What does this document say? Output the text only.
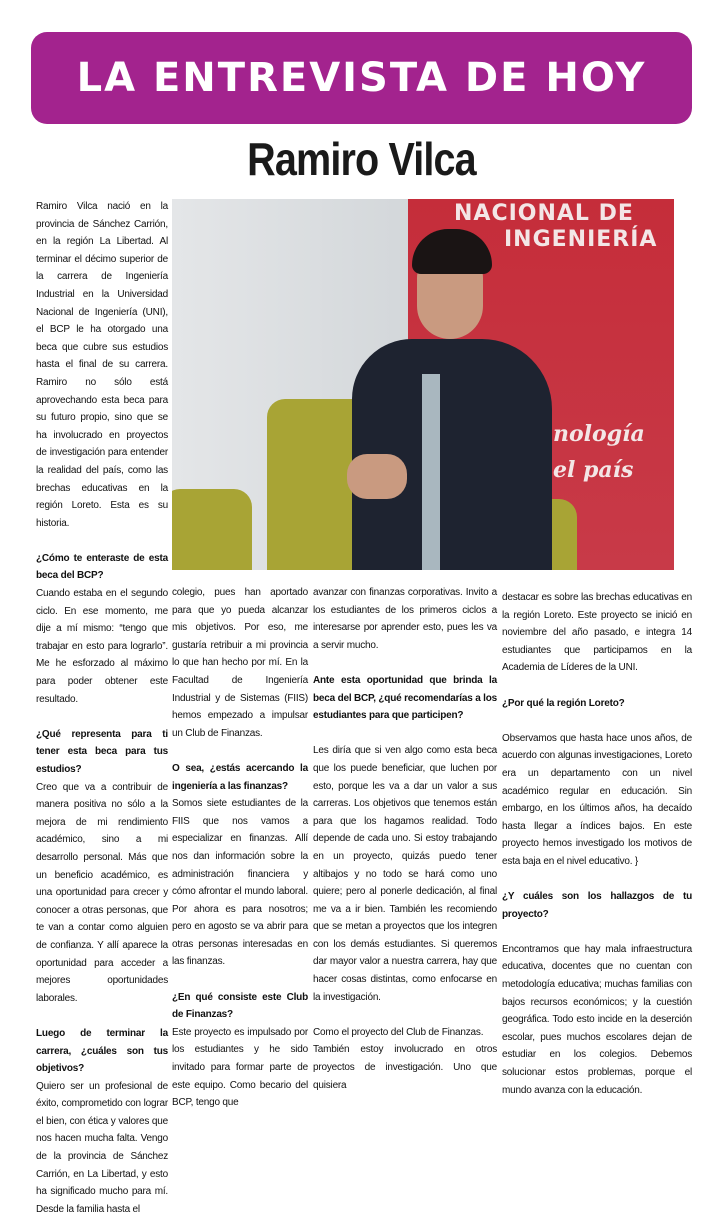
LA ENTREVISTA DE HOY
Ramiro Vilca
NACIONAL DE
INGENIERÍA
nología
el país

Ramiro Vilca nació en la provincia de Sánchez Carrión, en la región La Libertad. Al terminar el décimo superior de la carrera de Ingeniería Industrial en la Universidad Nacional de Ingeniería (UNI), el BCP le ha otorgado una beca que cubre sus estudios hasta el final de su carrera. Ramiro no sólo está aprovechando esta beca para su futuro propio, sino que se ha involucrado en proyectos de investigación para entender la realidad del país, como las brechas educativas en la región Loreto. Esta es su historia.

¿Cómo te enteraste de esta beca del BCP?

Cuando estaba en el segundo ciclo. En ese momento, me dije a mí mismo: “tengo que trabajar en esto para lograrlo”. Me he esforzado al máximo para poder obtener este resultado.

¿Qué representa para ti tener esta beca para tus estudios?

Creo que va a contribuir de manera positiva no sólo a la mejora de mi rendimiento académico, sino a mi desarrollo personal. Más que un beneficio académico, es una oportunidad para crecer y conocer a otras personas, que te van a contar como alguien de confianza. Y allí aparece la oportunidad para acceder a mejores oportunidades laborales.

Luego de terminar la carrera, ¿cuáles son tus objetivos?

Quiero ser un profesional de éxito, comprometido con lograr el bien, con ética y valores que nos hacen mucha falta. Vengo de la provincia de Sánchez Carrión, en La Libertad, y esto ha significado mucho para mí. Desde la familia hasta el

colegio, pues han aportado para que yo pueda alcanzar mis objetivos. Por eso, me gustaría retribuir a mi provincia lo que han hecho por mí. En la Facultad de Ingeniería Industrial y de Sistemas (FIIS) hemos empezado a impulsar un Club de Finanzas.

O sea, ¿estás acercando la ingeniería a las finanzas?

Somos siete estudiantes de la FIIS que nos vamos a especializar en finanzas. Allí nos dan información sobre la administración financiera y cómo afrontar el mundo laboral. Por ahora es para nosotros; pero en agosto se va abrir para otras personas interesadas en las finanzas.

¿En qué consiste este Club de Finanzas?

Este proyecto es impulsado por los estudiantes y he sido invitado para formar parte de este equipo. Como becario del BCP, tengo que

avanzar con finanzas corporativas. Invito a los estudiantes de los primeros ciclos a interesarse por aprender esto, pues les va a servir mucho.

Ante esta oportunidad que brinda la beca del BCP, ¿qué recomendarías a los estudiantes para que participen?

Les diría que si ven algo como esta beca que los puede beneficiar, que luchen por esto, porque les va a dar un valor a sus carreras. Los objetivos que tenemos están para que los hagamos realidad. Todo depende de cada uno. Si estoy trabajando en un proyecto, quizás puedo tener altibajos y no todo se hará como uno quiere; pero al ponerle dedicación, al final me va a ir bien. También les recomiendo que se metan a proyectos que los integren con los demás estudiantes. Si queremos dar mayor valor a nuestra carrera, hay que hacer cosas distintas, como enfocarse en la investigación.

Como el proyecto del Club de Finanzas.

También estoy involucrado en otros proyectos de investigación. Uno que quisiera

destacar es sobre las brechas educativas en la región Loreto. Este proyecto se inició en noviembre del año pasado, e integra 14 estudiantes que participamos en la Academia de Líderes de la UNI.

¿Por qué la región Loreto?

Observamos que hasta hace unos años, de acuerdo con algunas investigaciones, Loreto era un departamento con un nivel académico regular en educación. Sin embargo, en los últimos años, ha decaído hasta llegar a índices bajos. En este proyecto hemos investigado los motivos de esta baja en el nivel educativo. }

¿Y cuáles son los hallazgos de tu proyecto?

Encontramos que hay mala infraestructura educativa, docentes que no cuentan con metodología educativa; muchas familias con bajos recursos económicos; y la cuestión geográfica. Todo esto incide en la deserción escolar, pues muchos escolares dejan de estudiar en los colegios. Debemos solucionar estos problemas, porque el mundo avanza con la educación.
